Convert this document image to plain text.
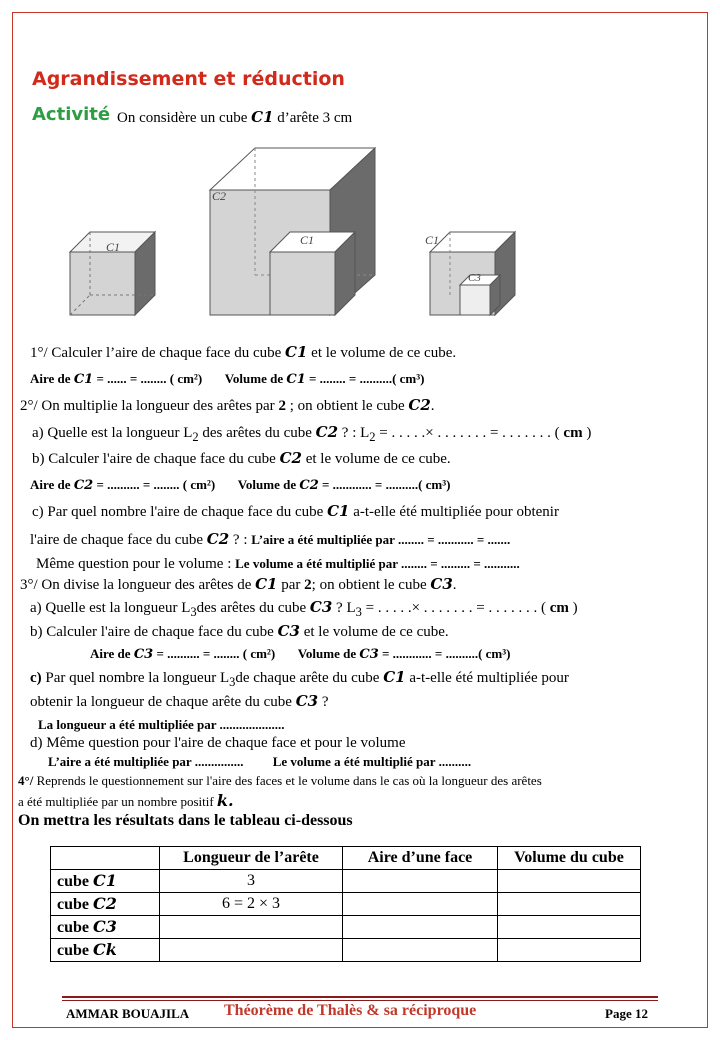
Agrandissement et réduction
Activité On considère un cube C1 d’arête 3 cm
C1
C2
C1	C1
C3
1°/ Calculer l’aire de chaque face du cube C1 et le volume de ce cube.
Aire de C1 = ...... = ........ ( cm²) Volume de C1 = ........ = ..........( cm³)
2°/ On multiplie la longueur des arêtes par 2 ; on obtient le cube C2.
a) Quelle est la longueur $L_2$ des arêtes du cube C2 ? : $L_2$ = . . . . .× . . . . . . . = . . . . . . . ( cm )
b) Calculer l'aire de chaque face du cube C2 et le volume de ce cube.
Aire de C2 = .......... = ........ ( cm²) Volume de C2 = ............ = ..........( cm³)
c) Par quel nombre l'aire de chaque face du cube C1 a-t-elle été multipliée pour obtenir
l'aire de chaque face du cube C2 ? : L’aire a été multipliée par ........ = ........... = .......
Même question pour le volume : Le volume a été multiplié par ........ = ......... = ...........
3°/ On divise la longueur des arêtes de C1 par 2; on obtient le cube C3.
a) Quelle est la longueur $L_3des$ arêtes du cube C3 ? $L_3$ = . . . . .× . . . . . . . = . . . . . . . ( cm )
b) Calculer l'aire de chaque face du cube C3 et le volume de ce cube.
Aire de C3 = .......... = ........ ( cm²) Volume de C3 = ............ = ..........( cm³)
c) Par quel nombre la longueur $L_3de$ chaque arête du cube C1 a-t-elle été multipliée pour
obtenir la longueur de chaque arête du cube C3 ?
La longueur a été multipliée par ....................
d) Même question pour l'aire de chaque face et pour le volume
L’aire a été multipliée par ............... Le volume a été multiplié par ..........
4°/ Reprends le questionnement sur l'aire des faces et le volume dans le cas où la longueur des arêtes
a été multipliée par un nombre positif k.
On mettra les résultats dans le tableau ci-dessous
	Longueur de l’arête	Aire d’une face	Volume du cube
cube C1	3		
cube C2	6 = 2 × 3		
cube C3			
cube Ck			
AMMAR BOUAJILA Théorème de Thalès & sa réciproque	Page 12
